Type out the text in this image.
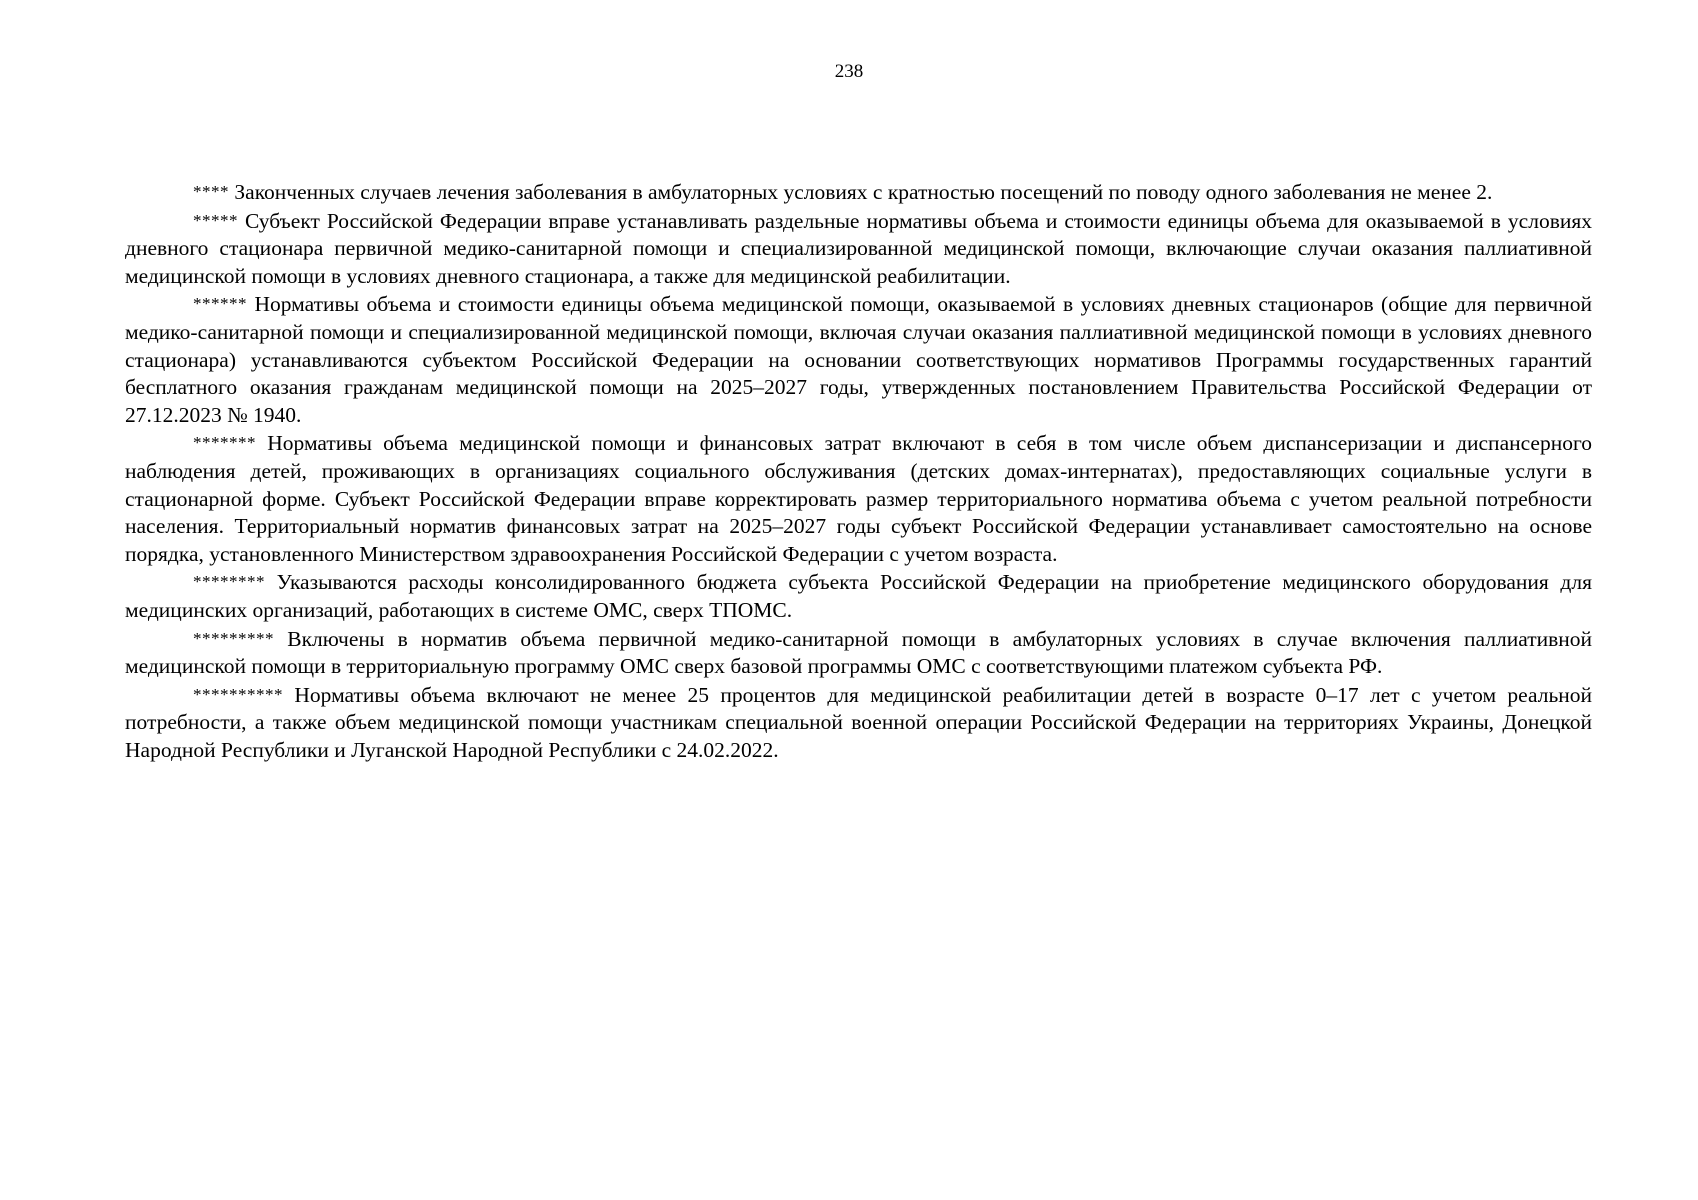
238

**** Законченных случаев лечения заболевания в амбулаторных условиях с кратностью посещений по поводу одного заболевания не менее 2.

***** Субъект Российской Федерации вправе устанавливать раздельные нормативы объема и стоимости единицы объема для оказываемой в условиях дневного стационара первичной медико-санитарной помощи и специализированной медицинской помощи, включающие случаи оказания паллиативной медицинской помощи в условиях дневного стационара, а также для медицинской реабилитации.

****** Нормативы объема и стоимости единицы объема медицинской помощи, оказываемой в условиях дневных стационаров (общие для первичной медико-санитарной помощи и специализированной медицинской помощи, включая случаи оказания паллиативной медицинской помощи в условиях дневного стационара) устанавливаются субъектом Российской Федерации на основании соответствующих нормативов Программы государственных гарантий бесплатного оказания гражданам медицинской помощи на 2025–2027 годы, утвержденных постановлением Правительства Российской Федерации от 27.12.2023 № 1940.

******* Нормативы объема медицинской помощи и финансовых затрат включают в себя в том числе объем диспансеризации и диспансерного наблюдения детей, проживающих в организациях социального обслуживания (детских домах-интернатах), предоставляющих социальные услуги в стационарной форме. Субъект Российской Федерации вправе корректировать размер территориального норматива объема с учетом реальной потребности населения. Территориальный норматив финансовых затрат на 2025–2027 годы субъект Российской Федерации устанавливает самостоятельно на основе порядка, установленного Министерством здравоохранения Российской Федерации с учетом возраста.

******** Указываются расходы консолидированного бюджета субъекта Российской Федерации на приобретение медицинского оборудования для медицинских организаций, работающих в системе ОМС, сверх ТПОМС.

********* Включены в норматив объема первичной медико-санитарной помощи в амбулаторных условиях в случае включения паллиативной медицинской помощи в территориальную программу ОМС сверх базовой программы ОМС с соответствующими платежом субъекта РФ.

********** Нормативы объема включают не менее 25 процентов для медицинской реабилитации детей в возрасте 0–17 лет с учетом реальной потребности, а также объем медицинской помощи участникам специальной военной операции Российской Федерации на территориях Украины, Донецкой Народной Республики и Луганской Народной Республики с 24.02.2022.
